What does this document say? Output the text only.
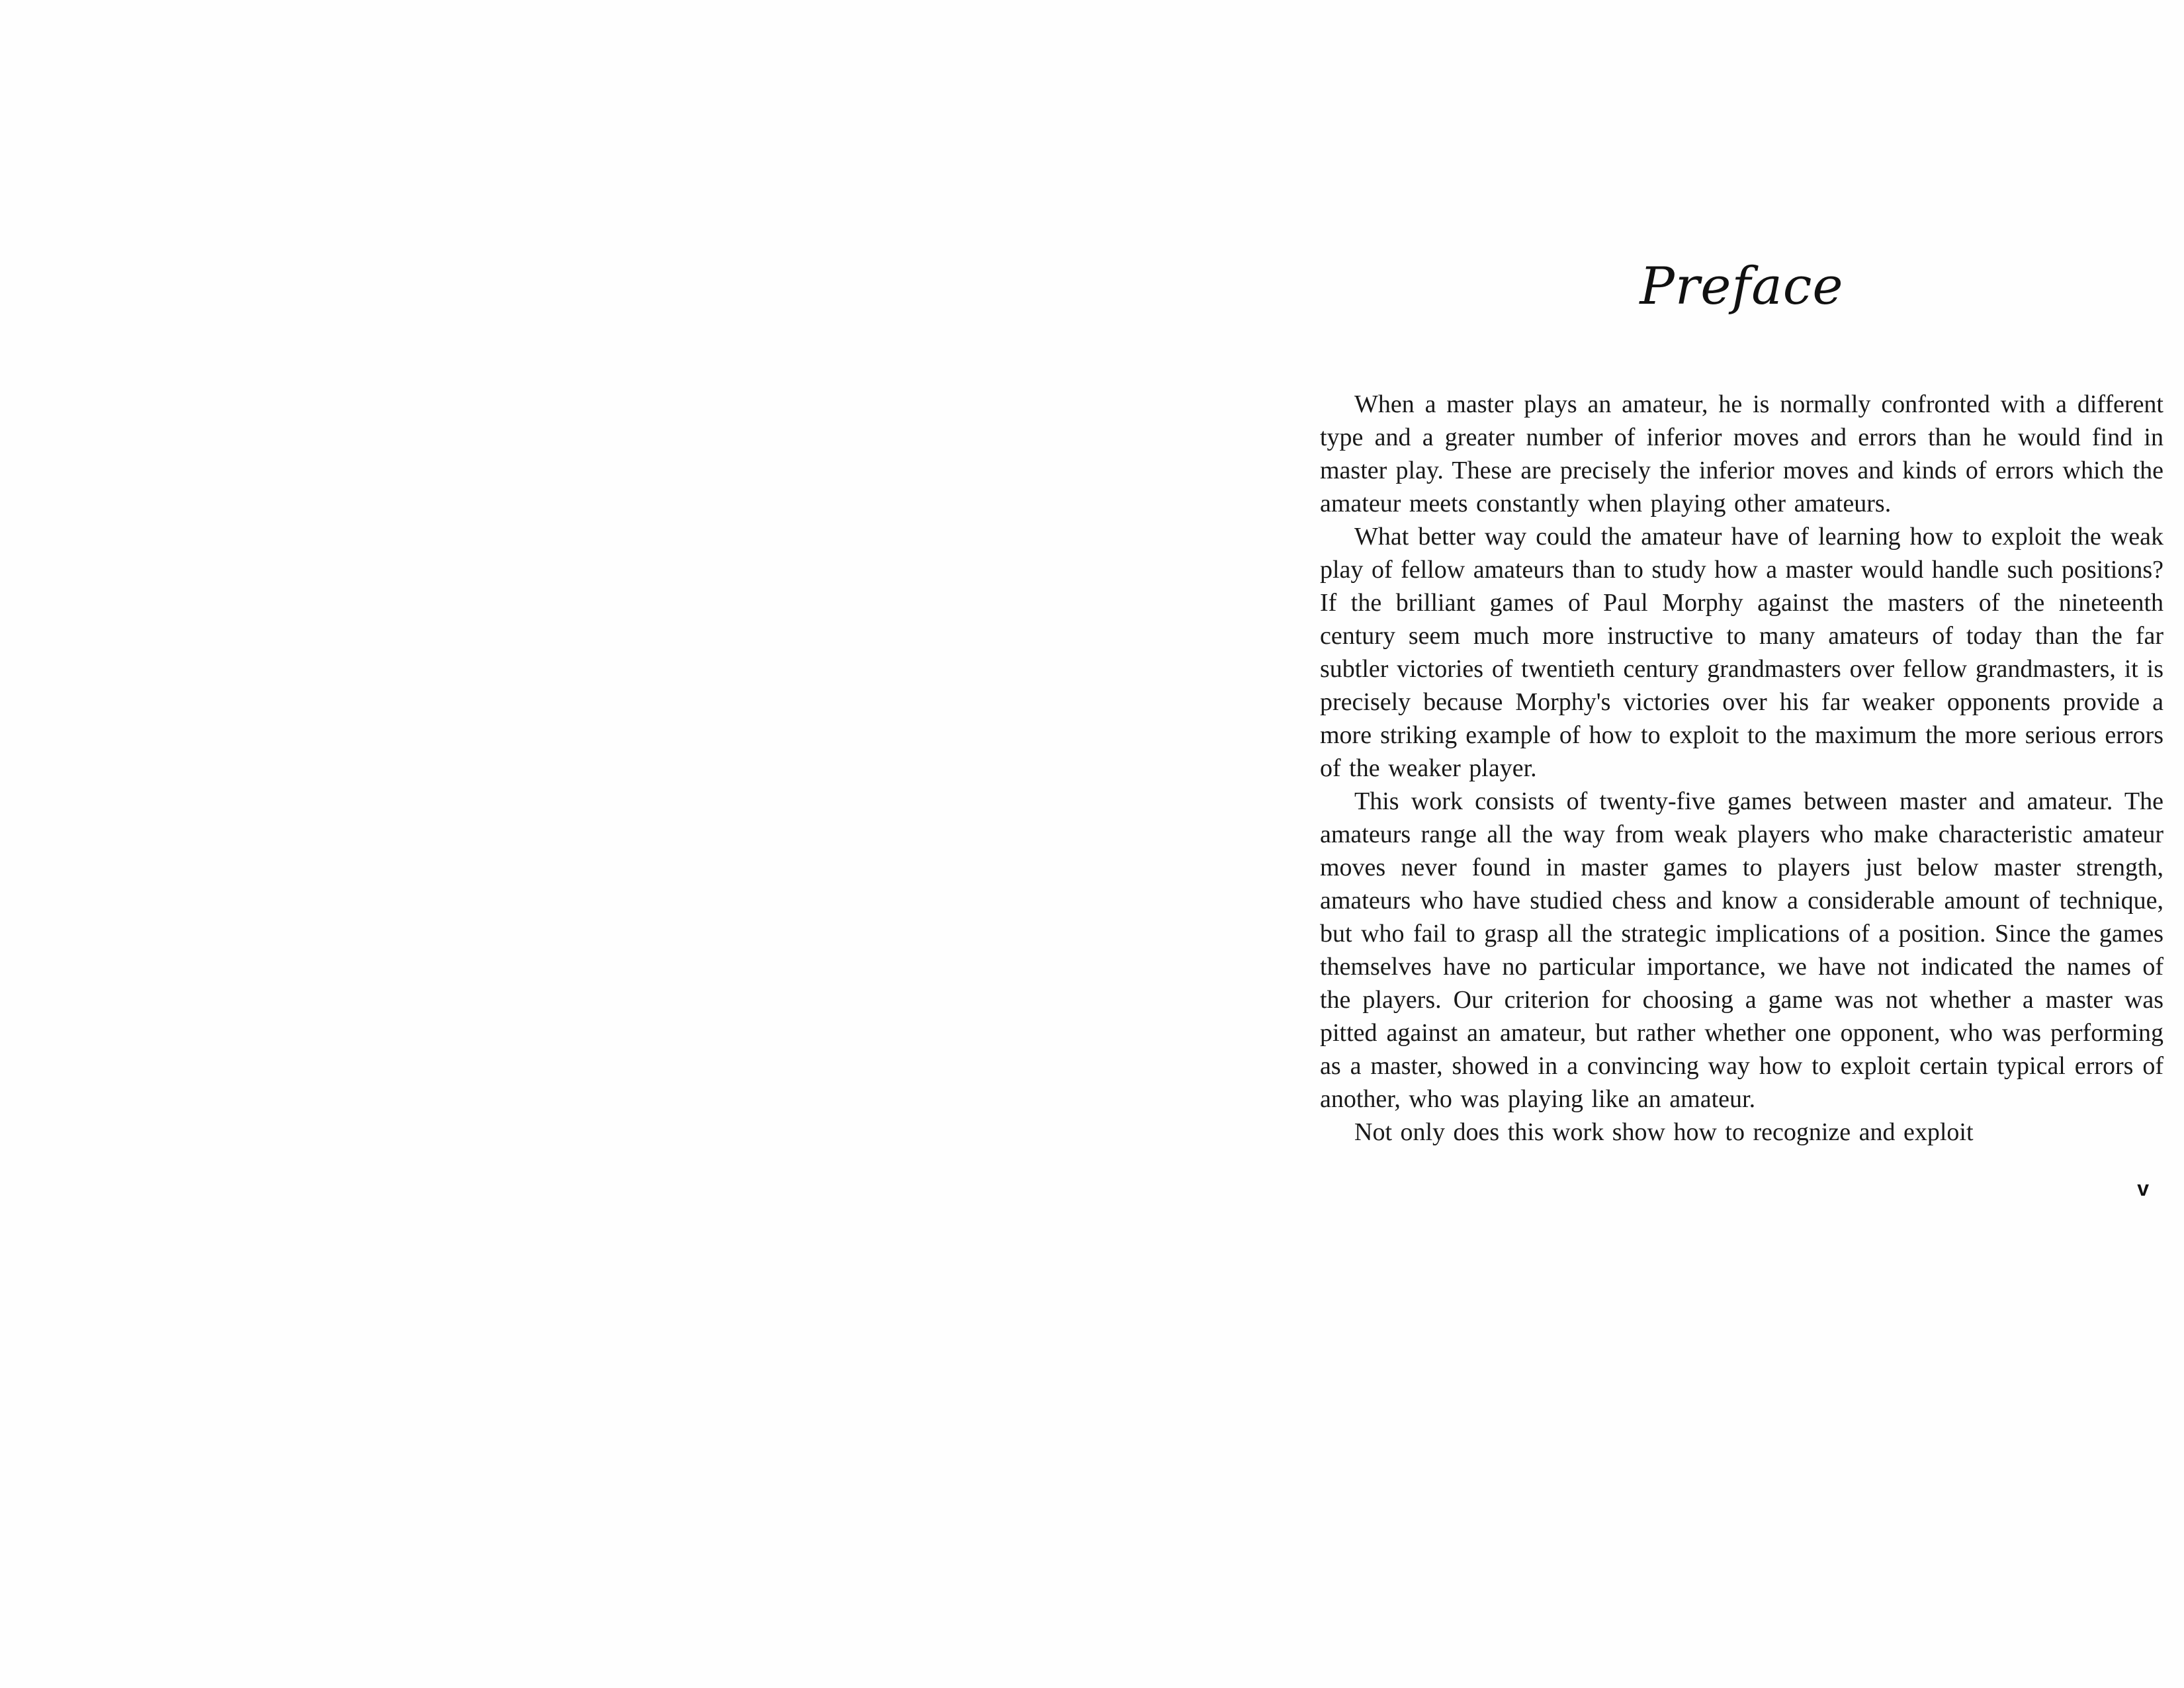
Preface

When a master plays an amateur, he is normally confronted with a different type and a greater number of inferior moves and errors than he would find in master play. These are precisely the inferior moves and kinds of errors which the amateur meets constantly when playing other amateurs.

What better way could the amateur have of learning how to exploit the weak play of fellow amateurs than to study how a master would handle such positions? If the brilliant games of Paul Morphy against the masters of the nineteenth century seem much more instructive to many amateurs of today than the far subtler victories of twentieth century grandmasters over fellow grandmasters, it is precisely because Morphy's victories over his far weaker opponents provide a more striking example of how to exploit to the maximum the more serious errors of the weaker player.

This work consists of twenty-five games between master and amateur. The amateurs range all the way from weak players who make characteristic amateur moves never found in master games to players just below master strength, amateurs who have studied chess and know a considerable amount of technique, but who fail to grasp all the strategic implications of a position. Since the games themselves have no particular importance, we have not indicated the names of the players. Our criterion for choosing a game was not whether a master was pitted against an amateur, but rather whether one opponent, who was performing as a master, showed in a convincing way how to exploit certain typical errors of another, who was playing like an amateur.

Not only does this work show how to recognize and exploit

v
